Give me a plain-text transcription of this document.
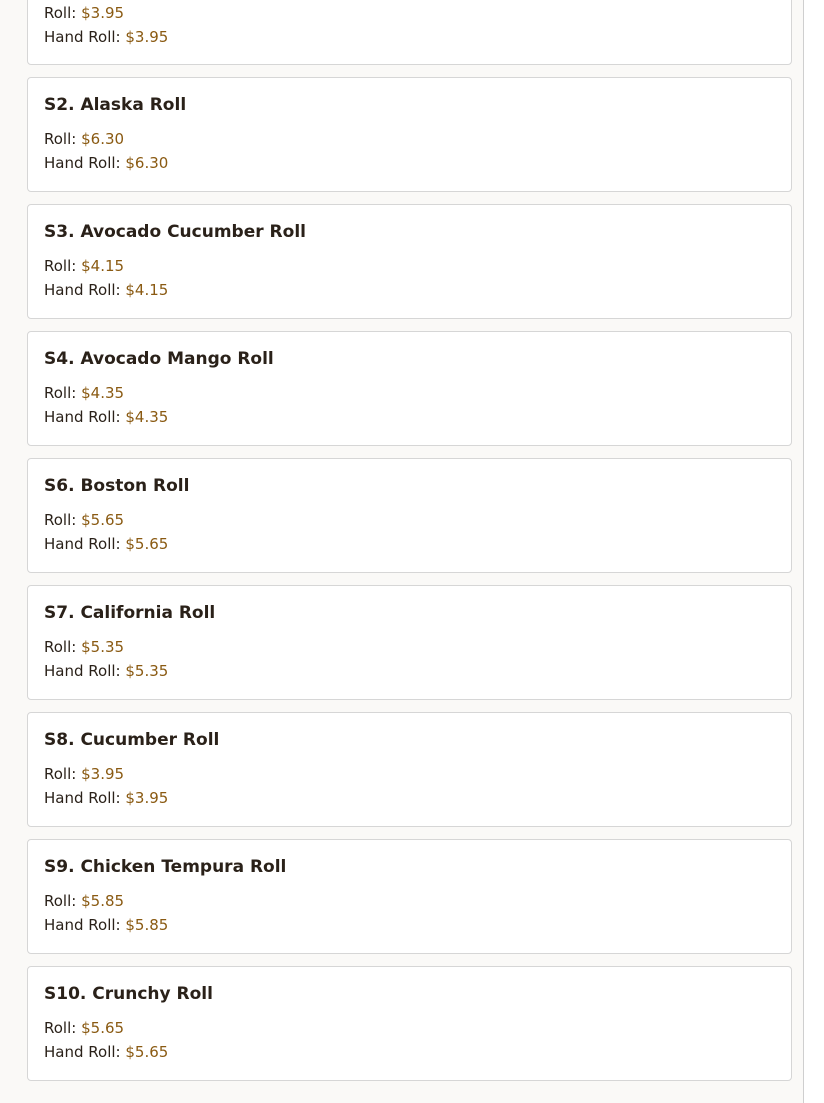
Roll: $3.95
Hand Roll: $3.95
S2. Alaska Roll
Roll: $6.30
Hand Roll: $6.30
S3. Avocado Cucumber Roll
Roll: $4.15
Hand Roll: $4.15
S4. Avocado Mango Roll
Roll: $4.35
Hand Roll: $4.35
S6. Boston Roll
Roll: $5.65
Hand Roll: $5.65
S7. California Roll
Roll: $5.35
Hand Roll: $5.35
S8. Cucumber Roll
Roll: $3.95
Hand Roll: $3.95
S9. Chicken Tempura Roll
Roll: $5.85
Hand Roll: $5.85
S10. Crunchy Roll
Roll: $5.65
Hand Roll: $5.65
